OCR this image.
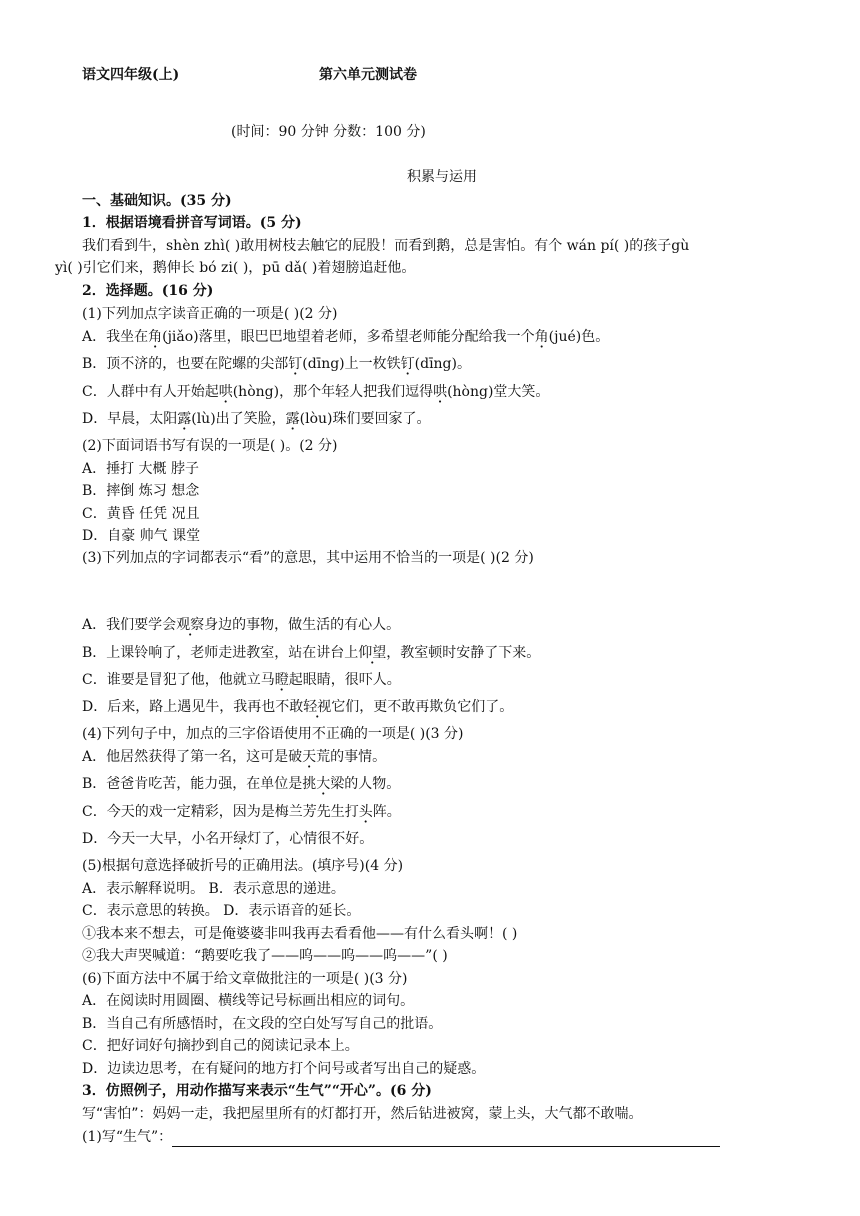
语文四年级(上)	第六单元测试卷
(时间：90 分钟 分数：100 分)
积累与运用
一、基础知识。(35 分)
1．根据语境看拼音写词语。(5 分)
我们看到牛，shèn zhì( )敢用树枝去触它的屁股！而看到鹅，总是害怕。有个 wán pí( )的孩子gù
yì( )引它们来，鹅伸长 bó zi( )，pū dǎ( )着翅膀追赶他。
2．选择题。(16 分)
(1)下列加点字读音正确的一项是( )(2 分)
A．我坐在角(jiǎo)落里，眼巴巴地望着老师，多希望老师能分配给我一个角(jué)色。
B．顶不济的，也要在陀螺的尖部钉(dīng)上一枚铁钉(dīng)。
C．人群中有人开始起哄(hòng)，那个年轻人把我们逗得哄(hòng)堂大笑。
D．早晨，太阳露(lù)出了笑脸，露(lòu)珠们要回家了。
(2)下面词语书写有误的一项是( )。(2 分)
A．捶打 大概 脖子
B．摔倒 炼习 想念
C．黄昏 任凭 况且
D．自豪 帅气 课堂
(3)下列加点的字词都表示“看”的意思，其中运用不恰当的一项是( )(2 分)
A．我们要学会观察身边的事物，做生活的有心人。
B．上课铃响了，老师走进教室，站在讲台上仰望，教室顿时安静了下来。
C．谁要是冒犯了他，他就立马瞪起眼睛，很吓人。
D．后来，路上遇见牛，我再也不敢轻视它们，更不敢再欺负它们了。
(4)下列句子中，加点的三字俗语使用不正确的一项是( )(3 分)
A．他居然获得了第一名，这可是破天荒的事情。
B．爸爸肯吃苦，能力强，在单位是挑大梁的人物。
C．今天的戏一定精彩，因为是梅兰芳先生打头阵。
D．今天一大早，小名开绿灯了，心情很不好。
(5)根据句意选择破折号的正确用法。(填序号)(4 分)
A．表示解释说明。 B．表示意思的递进。
C．表示意思的转换。 D．表示语音的延长。
①我本来不想去，可是俺婆婆非叫我再去看看他——有什么看头啊！( )
②我大声哭喊道：“鹅要吃我了——呜——呜——呜——”( )
(6)下面方法中不属于给文章做批注的一项是( )(3 分)
A．在阅读时用圆圈、横线等记号标画出相应的词句。
B．当自己有所感悟时，在文段的空白处写写自己的批语。
C．把好词好句摘抄到自己的阅读记录本上。
D．边读边思考，在有疑问的地方打个问号或者写出自己的疑惑。
3．仿照例子，用动作描写来表示“生气”“开心”。(6 分)
写“害怕”：妈妈一走，我把屋里所有的灯都打开，然后钻进被窝，蒙上头，大气都不敢喘。
(1)写“生气”：
